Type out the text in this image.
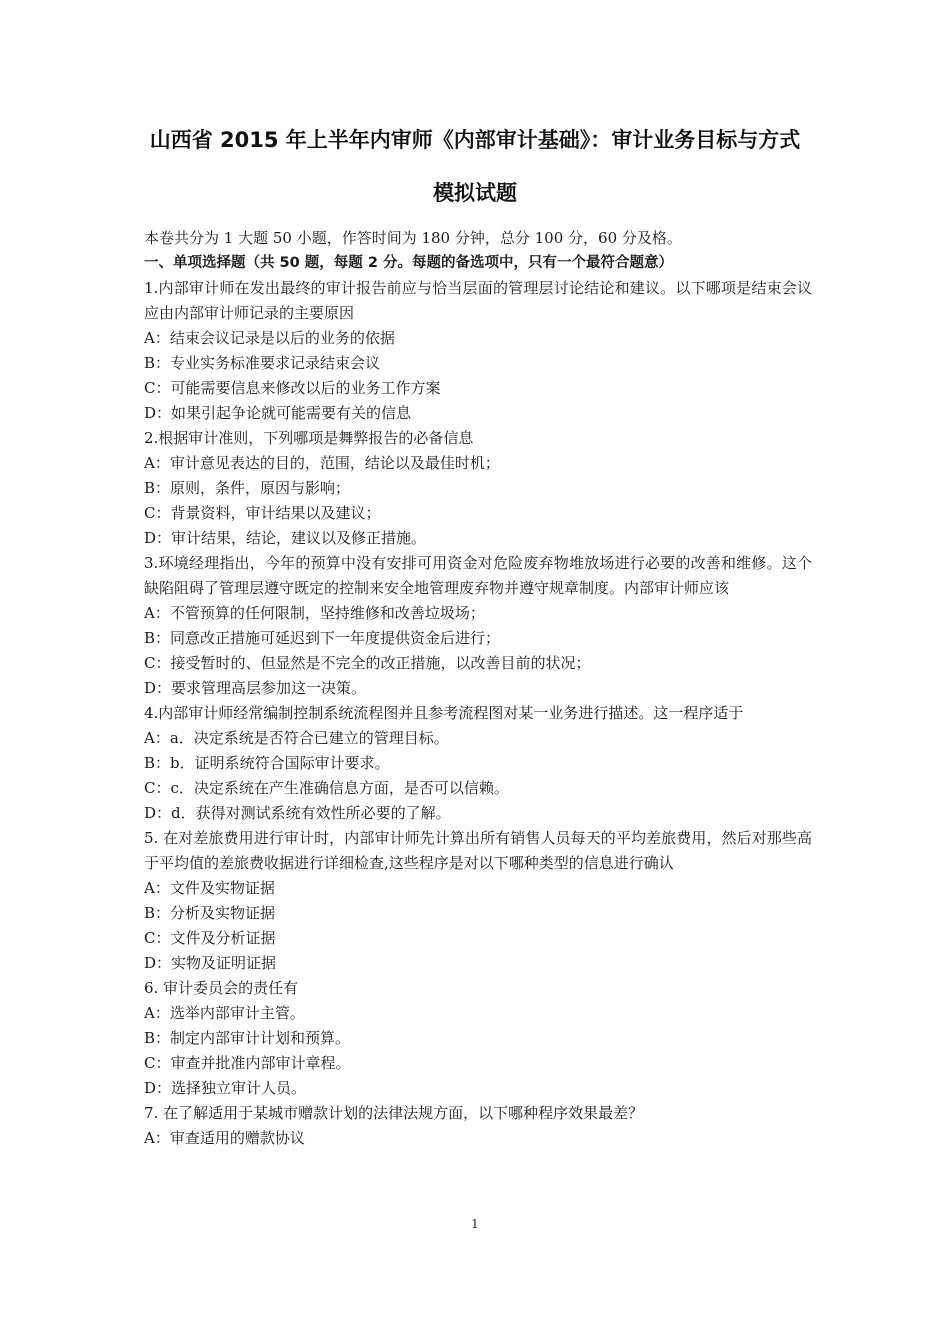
山西省 2015 年上半年内审师《内部审计基础》：审计业务目标与方式
模拟试题
本卷共分为 1 大题 50 小题，作答时间为 180 分钟，总分 100 分，60 分及格。
一、单项选择题（共 50 题，每题 2 分。每题的备选项中，只有一个最符合题意）
1.内部审计师在发出最终的审计报告前应与恰当层面的管理层讨论结论和建议。以下哪项是结束会议应由内部审计师记录的主要原因
A：结束会议记录是以后的业务的依据
B：专业实务标准要求记录结束会议
C：可能需要信息来修改以后的业务工作方案
D：如果引起争论就可能需要有关的信息
2.根据审计准则，下列哪项是舞弊报告的必备信息
A：审计意见表达的目的，范围，结论以及最佳时机；
B：原则，条件，原因与影响；
C：背景资料，审计结果以及建议；
D：审计结果，结论，建议以及修正措施。
3.环境经理指出，今年的预算中没有安排可用资金对危险废弃物堆放场进行必要的改善和维修。这个缺陷阻碍了管理层遵守既定的控制来安全地管理废弃物并遵守规章制度。内部审计师应该
A：不管预算的任何限制，坚持维修和改善垃圾场；
B：同意改正措施可延迟到下一年度提供资金后进行；
C：接受暂时的、但显然是不完全的改正措施，以改善目前的状况；
D：要求管理高层参加这一决策。
4.内部审计师经常编制控制系统流程图并且参考流程图对某一业务进行描述。这一程序适于
A：a．决定系统是否符合已建立的管理目标。
B：b．证明系统符合国际审计要求。
C：c．决定系统在产生准确信息方面，是否可以信赖。
D：d．获得对测试系统有效性所必要的了解。
5. 在对差旅费用进行审计时，内部审计师先计算出所有销售人员每天的平均差旅费用，然后对那些高于平均值的差旅费收据进行详细检查,这些程序是对以下哪种类型的信息进行确认
A：文件及实物证据
B：分析及实物证据
C：文件及分析证据
D：实物及证明证据
6. 审计委员会的责任有
A：选举内部审计主管。
B：制定内部审计计划和预算。
C：审查并批准内部审计章程。
D：选择独立审计人员。
7. 在了解适用于某城市赠款计划的法律法规方面，以下哪种程序效果最差？
A：审查适用的赠款协议
1
